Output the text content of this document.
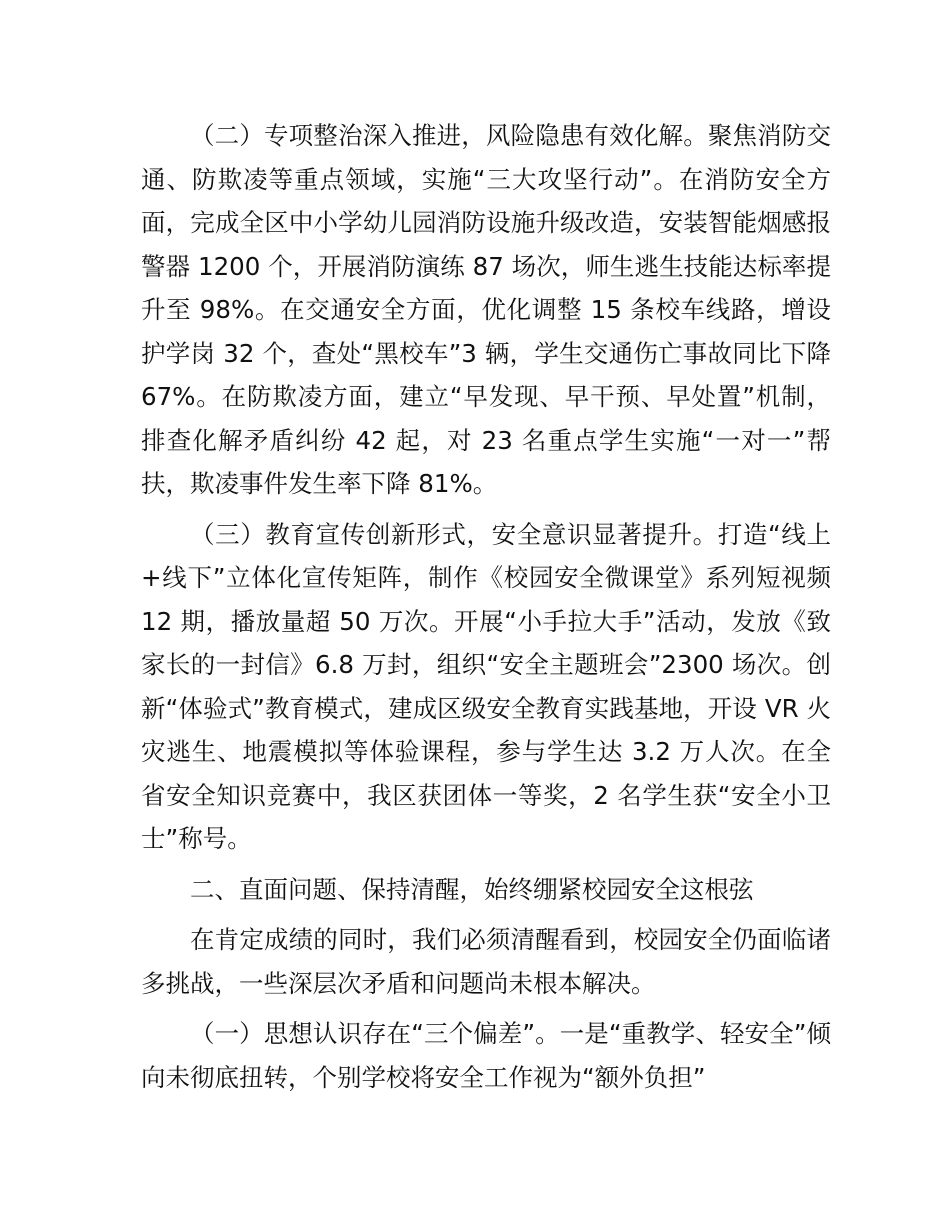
（二）专项整治深入推进，风险隐患有效化解。聚焦消防交通、防欺凌等重点领域，实施“三大攻坚行动”。在消防安全方面，完成全区中小学幼儿园消防设施升级改造，安装智能烟感报警器 1200 个，开展消防演练 87 场次，师生逃生技能达标率提升至 98%。在交通安全方面，优化调整 15 条校车线路，增设护学岗 32 个，查处“黑校车”3 辆，学生交通伤亡事故同比下降 67%。在防欺凌方面，建立“早发现、早干预、早处置”机制，排查化解矛盾纠纷 42 起，对 23 名重点学生实施“一对一”帮扶，欺凌事件发生率下降 81%。

（三）教育宣传创新形式，安全意识显著提升。打造“线上+线下”立体化宣传矩阵，制作《校园安全微课堂》系列短视频 12 期，播放量超 50 万次。开展“小手拉大手”活动，发放《致家长的一封信》6.8 万封，组织“安全主题班会”2300 场次。创新“体验式”教育模式，建成区级安全教育实践基地，开设 VR 火灾逃生、地震模拟等体验课程，参与学生达 3.2 万人次。在全省安全知识竞赛中，我区获团体一等奖，2 名学生获“安全小卫士”称号。

二、直面问题、保持清醒，始终绷紧校园安全这根弦

在肯定成绩的同时，我们必须清醒看到，校园安全仍面临诸多挑战，一些深层次矛盾和问题尚未根本解决。

（一）思想认识存在“三个偏差”。一是“重教学、轻安全”倾向未彻底扭转，个别学校将安全工作视为“额外负担”
